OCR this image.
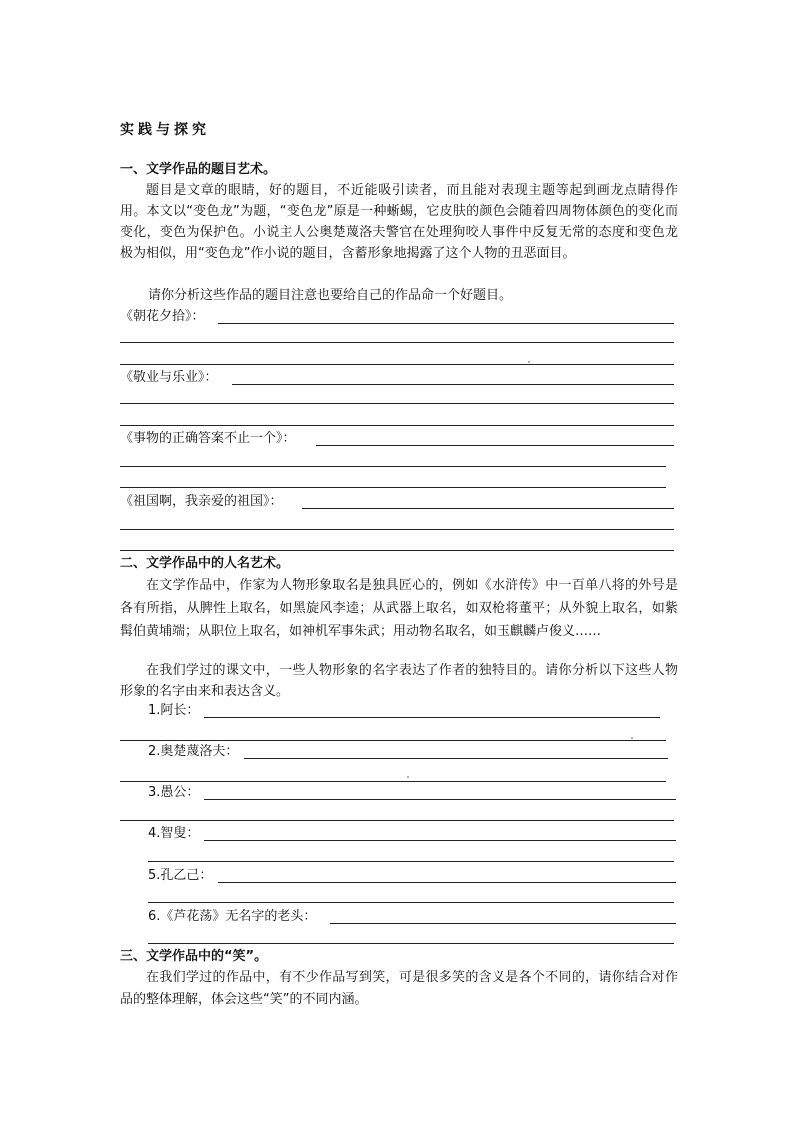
实践与探究
一、文学作品的题目艺术。

题目是文章的眼睛，好的题目，不近能吸引读者，而且能对表现主题等起到画龙点睛得作用。本文以“变色龙”为题，“变色龙”原是一种蜥蜴，它皮肤的颜色会随着四周物体颜色的变化而变化，变色为保护色。小说主人公奥楚蔑洛夫警官在处理狗咬人事件中反复无常的态度和变色龙极为相似，用“变色龙”作小说的题目，含蓄形象地揭露了这个人物的丑恶面目。

请你分析这些作品的题目注意也要给自己的作品命一个好题目。

《朝花夕拾》：
《敬业与乐业》：
《事物的正确答案不止一个》：
《祖国啊，我亲爱的祖国》：
二、文学作品中的人名艺术。

在文学作品中，作家为人物形象取名是独具匠心的，例如《水浒传》中一百单八将的外号是各有所指，从脾性上取名，如黑旋风李逵；从武器上取名，如双枪将董平；从外貌上取名，如紫髯伯黄埔端；从职位上取名，如神机军事朱武；用动物名取名，如玉麒麟卢俊义……

在我们学过的课文中，一些人物形象的名字表达了作者的独特目的。请你分析以下这些人物形象的名字由来和表达含义。

1.阿长：
2.奥楚蔑洛夫：
3.愚公：
4.智叟：
5.孔乙己：
6.《芦花荡》无名字的老头：
三、文学作品中的“笑”。

在我们学过的作品中，有不少作品写到笑，可是很多笑的含义是各个不同的，请你结合对作品的整体理解，体会这些“笑”的不同内涵。
